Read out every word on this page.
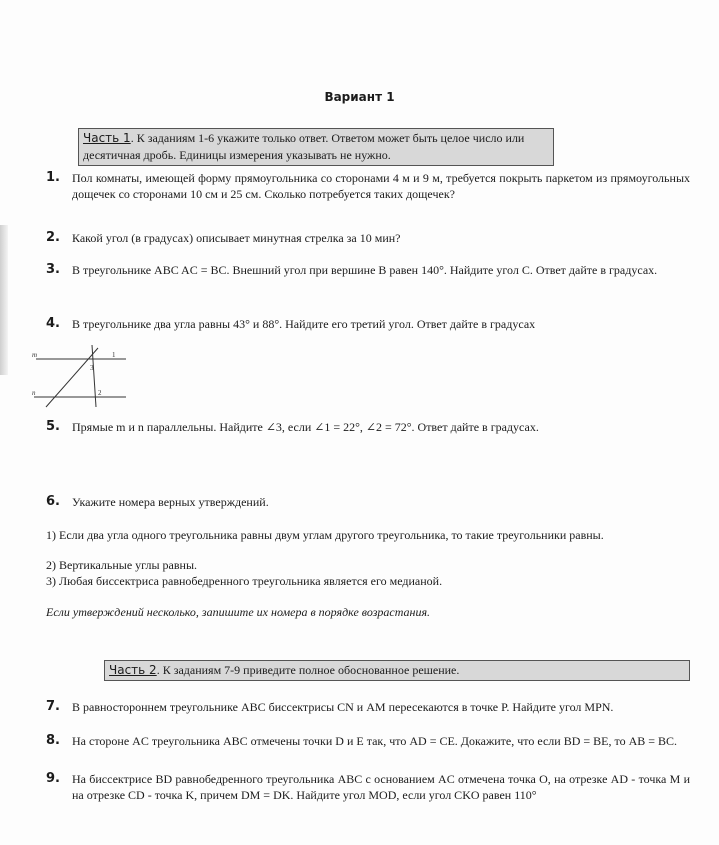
Вариант 1
Часть 1. К заданиям 1-6 укажите только ответ. Ответом может быть целое число или десятичная дробь. Единицы измерения указывать не нужно.
1.	Пол комнаты, имеющей форму прямоугольника со сторонами 4 м и 9 м, требуется покрыть паркетом из прямоугольных дощечек со сторонами 10 см и 25 см. Сколько потребуется таких дощечек?
2.	Какой угол (в градусах) описывает минутная стрелка за 10 мин?
3.	В треугольнике ABC AC = BC. Внешний угол при вершине B равен 140°. Найдите угол C. Ответ дайте в градусах.
4.	В треугольнике два угла равны 43° и 88°. Найдите его третий угол. Ответ дайте в градусах
m
n
1
3
2
5.	Прямые m и n параллельны. Найдите ∠3, если ∠1 = 22°, ∠2 = 72°. Ответ дайте в градусах.
6.	Укажите номера верных утверждений.
1) Если два угла одного треугольника равны двум углам другого треугольника, то такие треугольники равны.
2) Вертикальные углы равны.
3) Любая биссектриса равнобедренного треугольника является его медианой.
Если утверждений несколько, запишите их номера в порядке возрастания.
Часть 2. К заданиям 7-9 приведите полное обоснованное решение.
7.	В равностороннем треугольнике ABC биссектрисы CN и AM пересекаются в точке P. Найдите угол MPN.
8.	На стороне AC треугольника ABC отмечены точки D и E так, что AD = CE. Докажите, что если BD = BE, то AB = BC.
9.	На биссектрисе BD равнобедренного треугольника ABC с основанием AC отмечена точка O, на отрезке AD - точка M и на отрезке CD - точка K, причем DM = DK. Найдите угол MOD, если угол CKO равен 110°
